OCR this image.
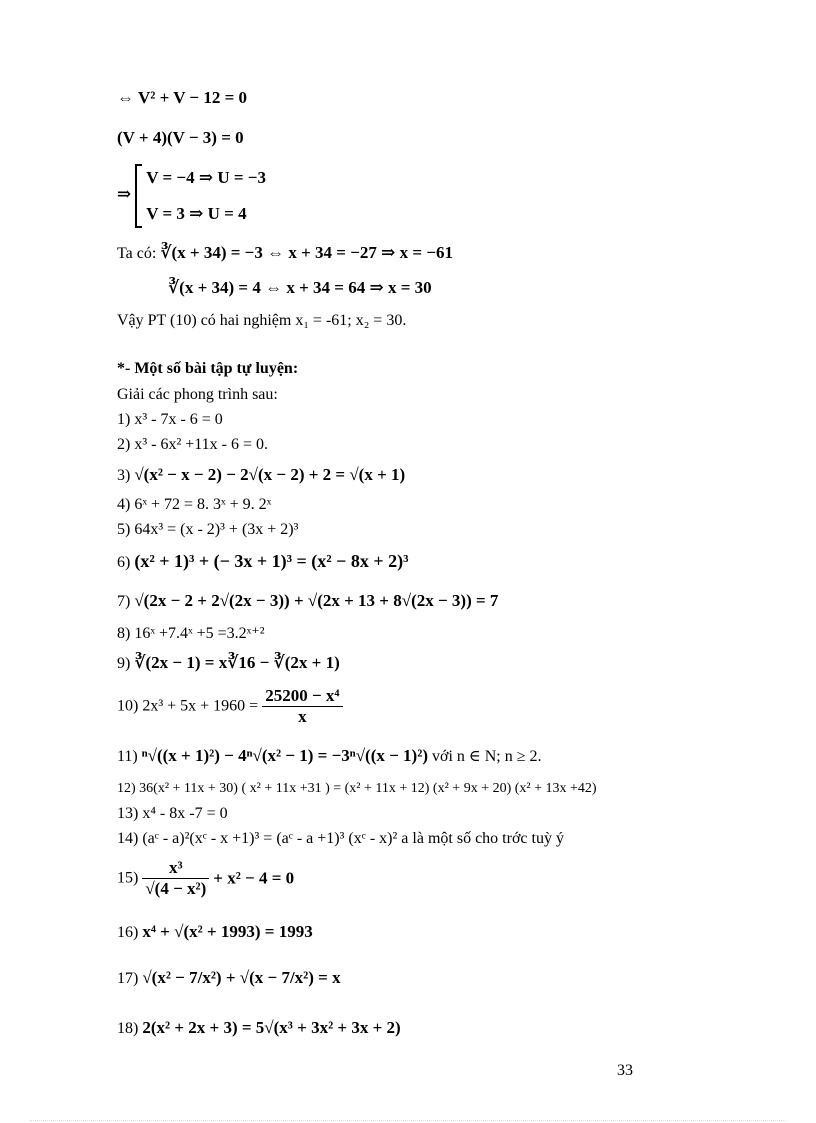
⇔ V² + V − 12 = 0
(V + 4)(V − 3) = 0
⇒
V = −4 ⇒ U = −3
V = 3 ⇒ U = 4
Ta có: ∛(x + 34) = −3 ⇔ x + 34 = −27 ⇒ x = −61
∛(x + 34) = 4 ⇔ x + 34 = 64 ⇒ x = 30
Vậy PT (10) có hai nghiệm x₁ = -61; x₂ = 30.
*- Một số bài tập tự luyện:
Giải các phong trình sau:
1) x³ - 7x - 6 = 0
2) x³ - 6x² +11x - 6 = 0.
3) √(x² − x − 2) − 2√(x − 2) + 2 = √(x + 1)
4) 6ˣ + 72 = 8. 3ˣ + 9. 2ˣ
5) 64x³ = (x - 2)³ + (3x + 2)³
6) (x² + 1)³ + (− 3x + 1)³ = (x² − 8x + 2)³
7) √(2x − 2 + 2√(2x − 3)) + √(2x + 13 + 8√(2x − 3)) = 7
8) 16ˣ +7.4ˣ +5 =3.2ˣ⁺²
9) ∛(2x − 1) = x∛16 − ∛(2x + 1)
10) $2x^3 + 5x + 1960 = \frac{\text{25200 − x⁴}}{x}$
11) ⁿ√((x + 1)²) − 4ⁿ√(x² − 1) = −3ⁿ√((x − 1)²) với n ∈ N; n ≥ 2.
12) 36(x² + 11x + 30) ( x² + 11x +31 ) = (x² + 11x + 12) (x² + 9x + 20) (x² + 13x +42)
13) x⁴ - 8x -7 = 0
14) (aᶜ - a)²(xᶜ - x +1)³ = (aᶜ - a +1)³ (xᶜ - x)² a là một số cho trớc tuỳ ý
$15) \frac{\text{x³}}{\text{√(4 − x²)}} + x^2 - 4 = 0$
16) x⁴ + √(x² + 1993) = 1993
17) √(x² − 7/x²) + √(x − 7/x²) = x
18) 2(x² + 2x + 3) = 5√(x³ + 3x² + 3x + 2)
33
